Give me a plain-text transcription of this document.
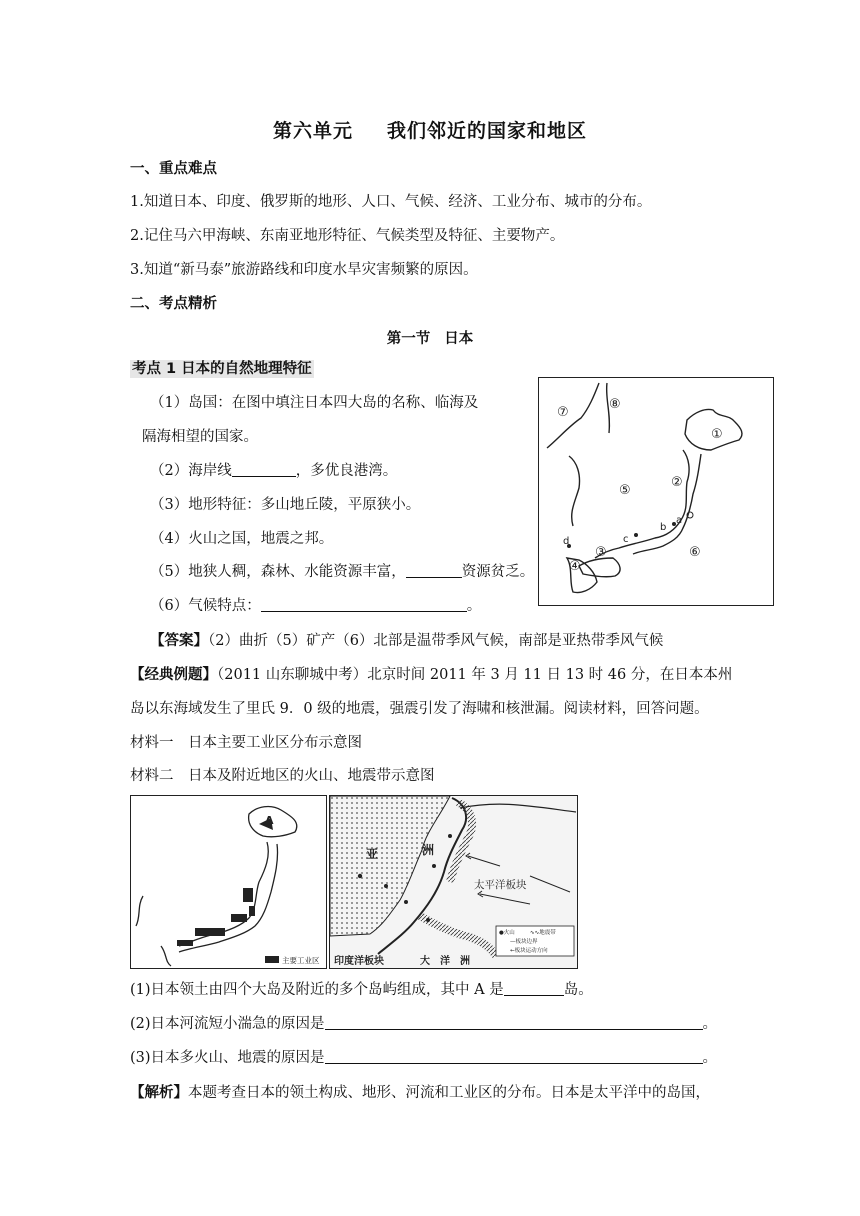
第六单元 我们邻近的国家和地区
一、重点难点
1.知道日本、印度、俄罗斯的地形、人口、气候、经济、工业分布、城市的分布。
2.记住马六甲海峡、东南亚地形特征、气候类型及特征、主要物产。
3.知道“新马泰”旅游路线和印度水旱灾害频繁的原因。
二、考点精析
第一节 日本
考点 1 日本的自然地理特征
（1）岛国：在图中填注日本四大岛的名称、临海及
隔海相望的国家。
（2）海岸线	，多优良港湾。
（3）地形特征：多山地丘陵，平原狭小。
（4）火山之国，地震之邦。
（5）地狭人稠，森林、水能资源丰富，	资源贫乏。
（6）气候特点：	。
①
②
③
④
⑤
⑥
⑦
⑧
a
b
c
d
【答案】（2）曲折（5）矿产（6）北部是温带季风气候，南部是亚热带季风气候
【经典例题】（2011 山东聊城中考）北京时间 2011 年 3 月 11 日 13 时 46 分，在日本本州
岛以东海域发生了里氏 9．0 级的地震，强震引发了海啸和核泄漏。阅读材料，回答问题。
材料一　日本主要工业区分布示意图
材料二　日本及附近地区的火山、地震带示意图
A
主要工业区
亚	洲
太平洋板块
印度洋板块	大　洋　洲
●火山	∿∿地震带
—板块边界
←板块运动方向
(1)日本领土由四个大岛及附近的多个岛屿组成，其中 A 是	岛。
(2)日本河流短小湍急的原因是	。
(3)日本多火山、地震的原因是	。
【解析】本题考查日本的领土构成、地形、河流和工业区的分布。日本是太平洋中的岛国，
